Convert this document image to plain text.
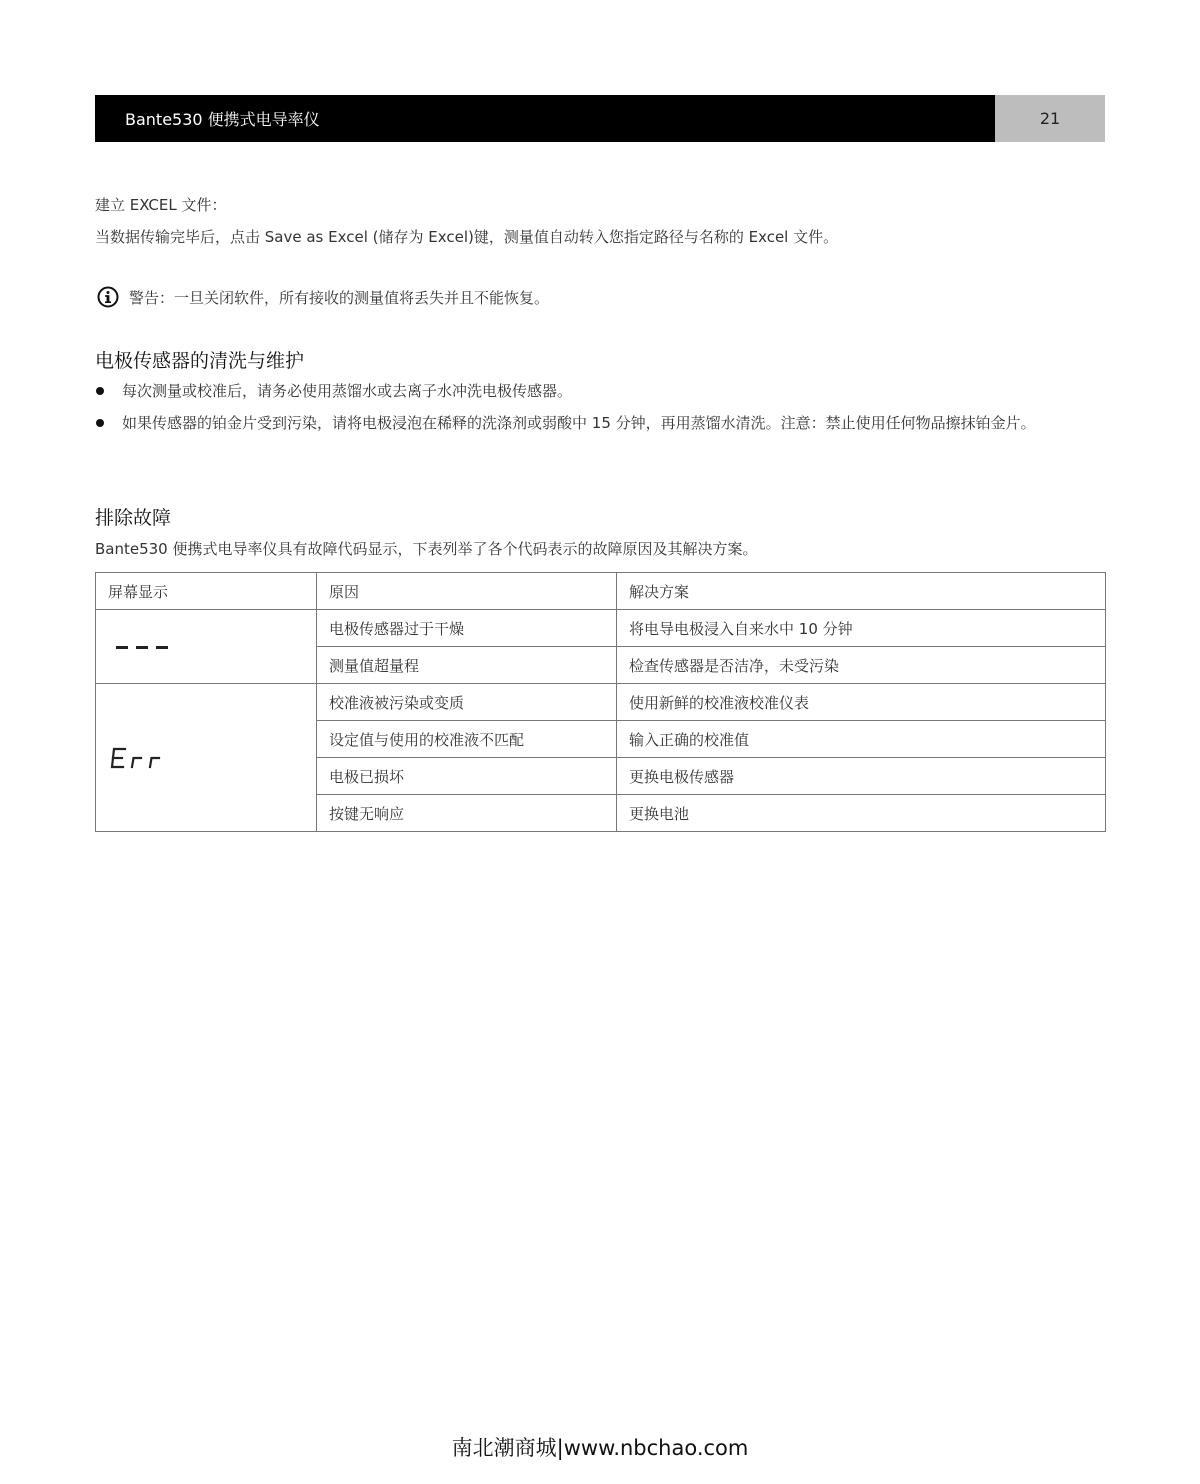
Bante530 便携式电导率仪	21
建立 EXCEL 文件：
当数据传输完毕后，点击 Save as Excel (储存为 Excel)键，测量值自动转入您指定路径与名称的 Excel 文件。
警告：一旦关闭软件，所有接收的测量值将丢失并且不能恢复。
电极传感器的清洗与维护
每次测量或校准后，请务必使用蒸馏水或去离子水冲洗电极传感器。
如果传感器的铂金片受到污染，请将电极浸泡在稀释的洗涤剂或弱酸中 15 分钟，再用蒸馏水清洗。注意：禁止使用任何物品擦抹铂金片。
排除故障
Bante530 便携式电导率仪具有故障代码显示，下表列举了各个代码表示的故障原因及其解决方案。
屏幕显示	原因	解决方案

	电极传感器过于干燥	将电导电极浸入自来水中 10 分钟
	测量值超量程	检查传感器是否洁净，未受污染

	校准液被污染或变质	使用新鲜的校准液校准仪表
	设定值与使用的校准液不匹配	输入正确的校准值
	电极已损坏	更换电极传感器
	按键无响应	更换电池
南北潮商城|www.nbchao.com
